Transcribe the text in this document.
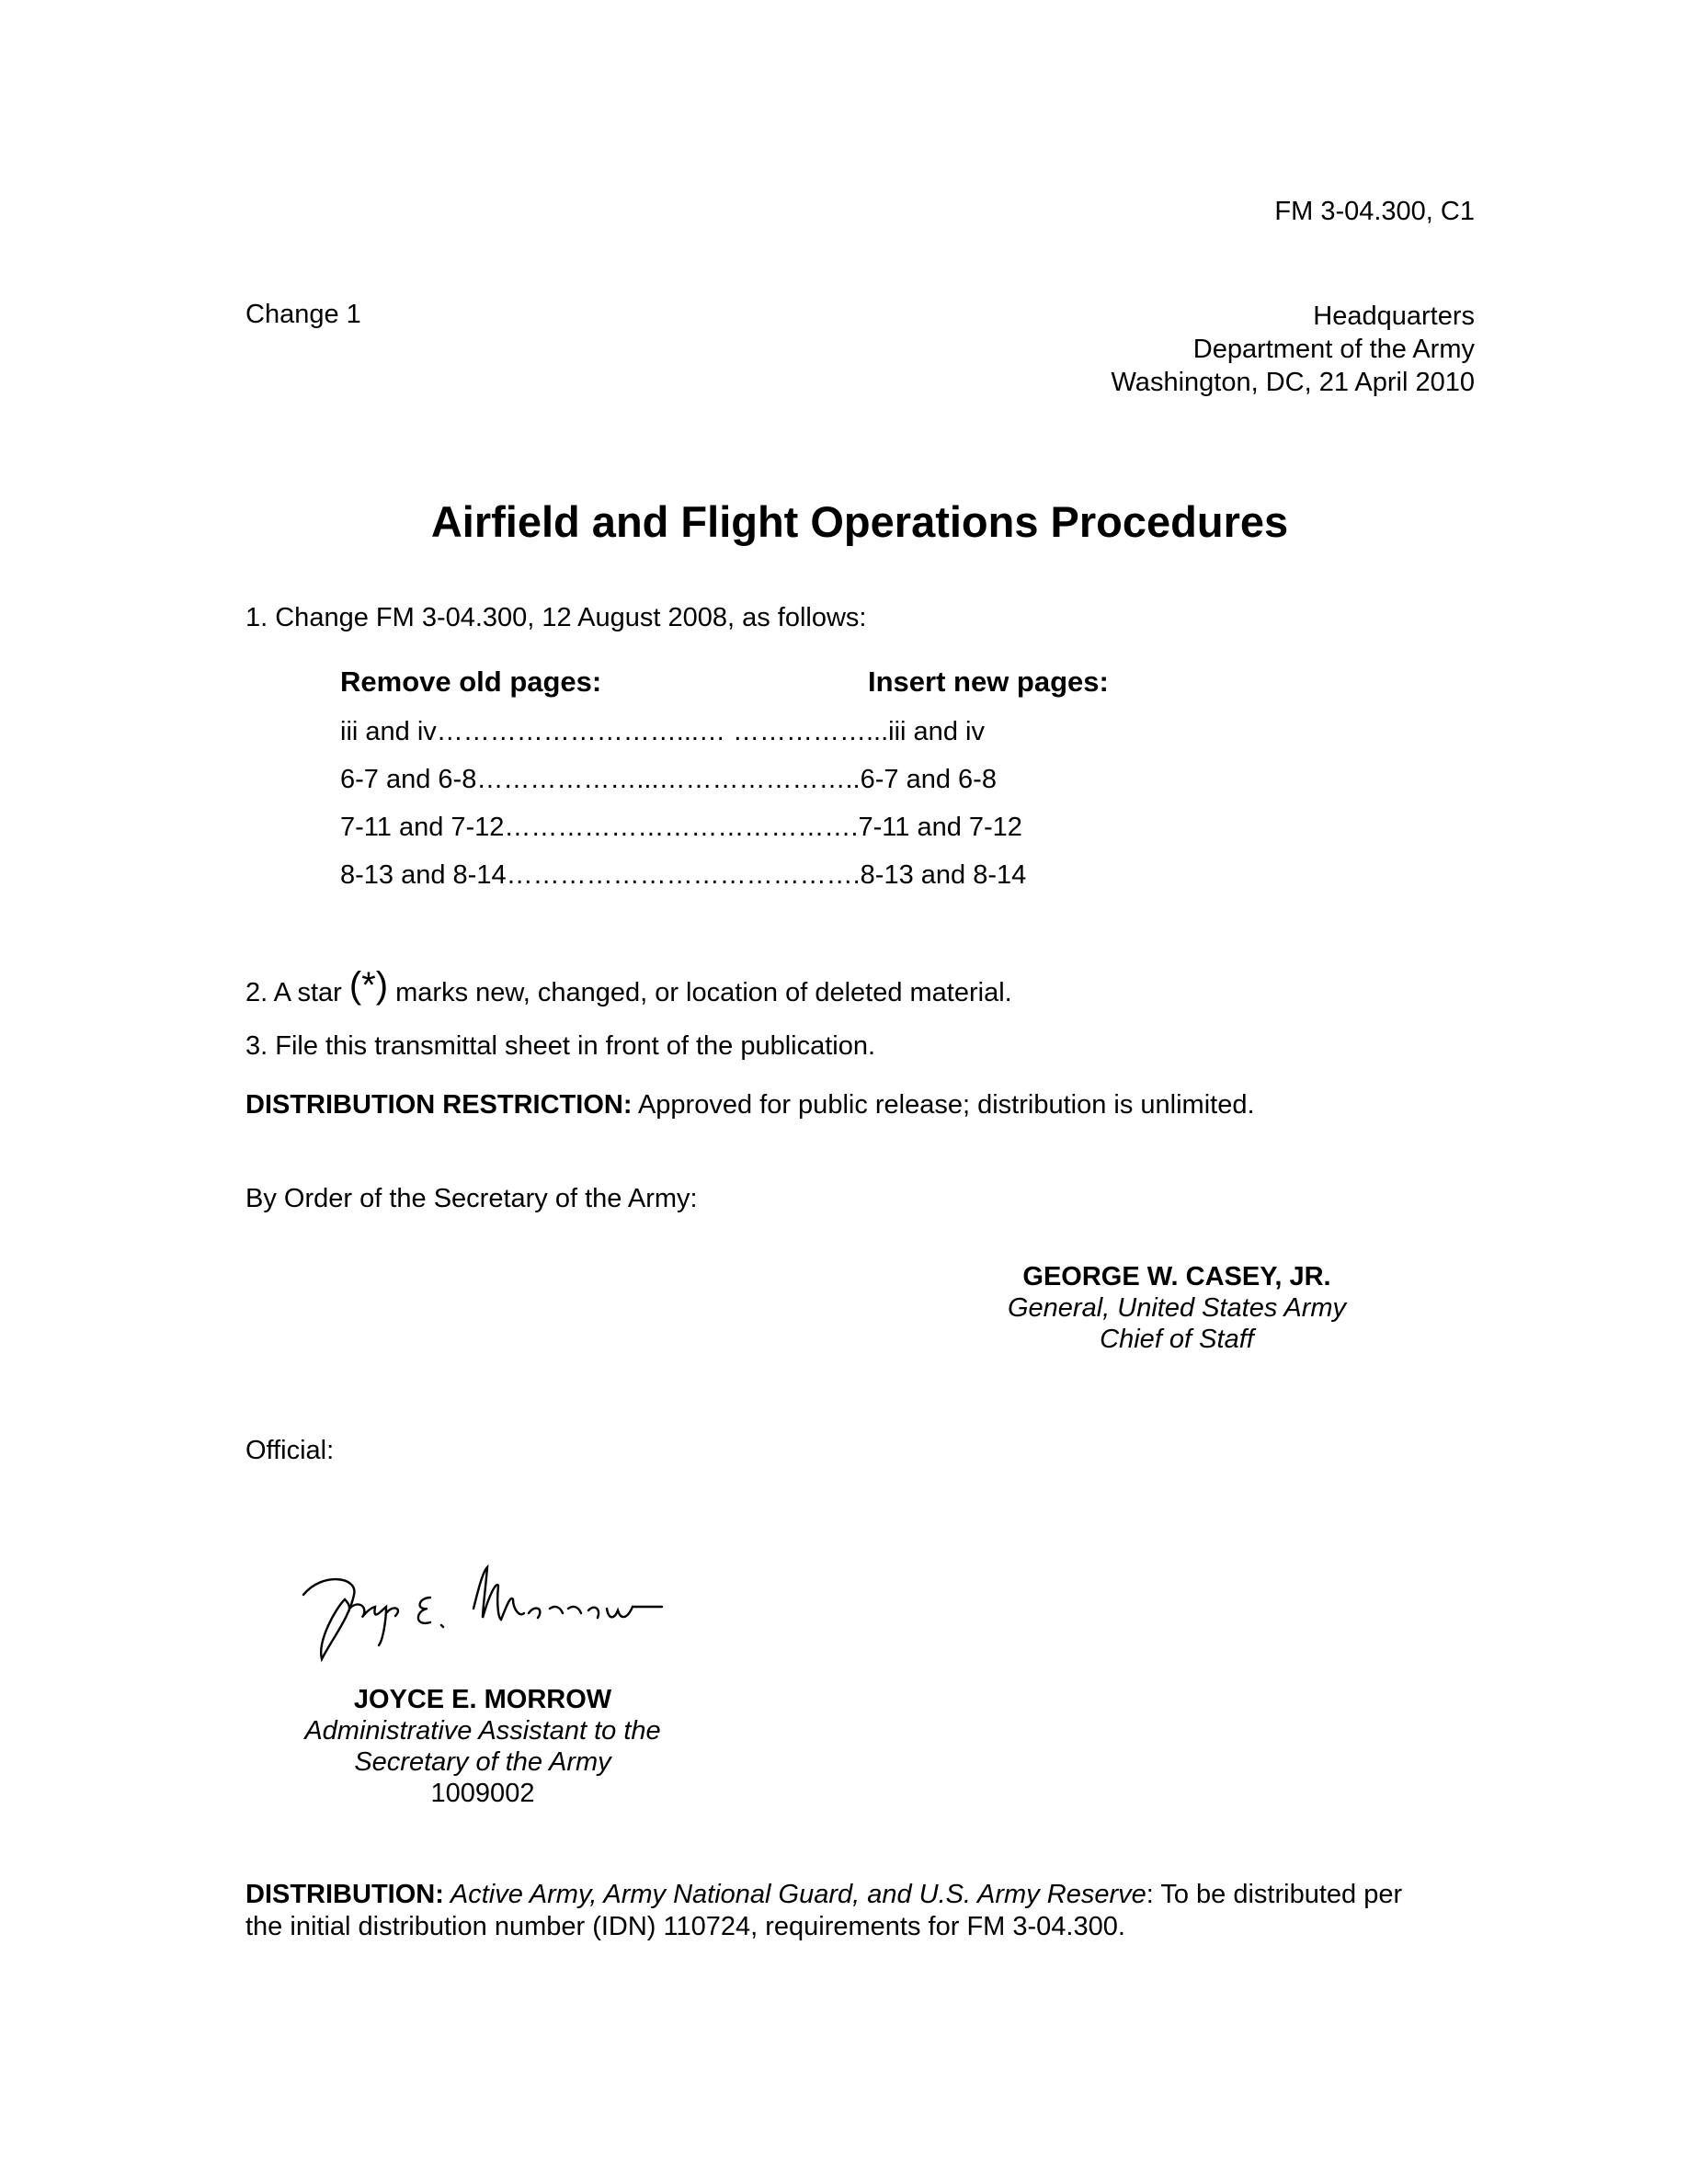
FM 3-04.300, C1
Change 1	Headquarters
Department of the Army
Washington, DC, 21 April 2010
Airfield and Flight Operations Procedures
1. Change FM 3-04.300, 12 August 2008, as follows:
Remove old pages:	Insert new pages:
iii and iv………………………...… ……………...iii and iv
6-7 and 6-8………………...…………………..6-7 and 6-8
7-11 and 7-12………………………………….7-11 and 7-12
8-13 and 8-14………………………………….8-13 and 8-14
2. A star (*) marks new, changed, or location of deleted material.
3. File this transmittal sheet in front of the publication.
DISTRIBUTION RESTRICTION: Approved for public release; distribution is unlimited.
By Order of the Secretary of the Army:
GEORGE W. CASEY, JR.
General, United States Army
Chief of Staff
Official:
JOYCE E. MORROW
Administrative Assistant to the
Secretary of the Army
1009002
DISTRIBUTION: Active Army, Army National Guard, and U.S. Army Reserve: To be distributed per
the initial distribution number (IDN) 110724, requirements for FM 3-04.300.
